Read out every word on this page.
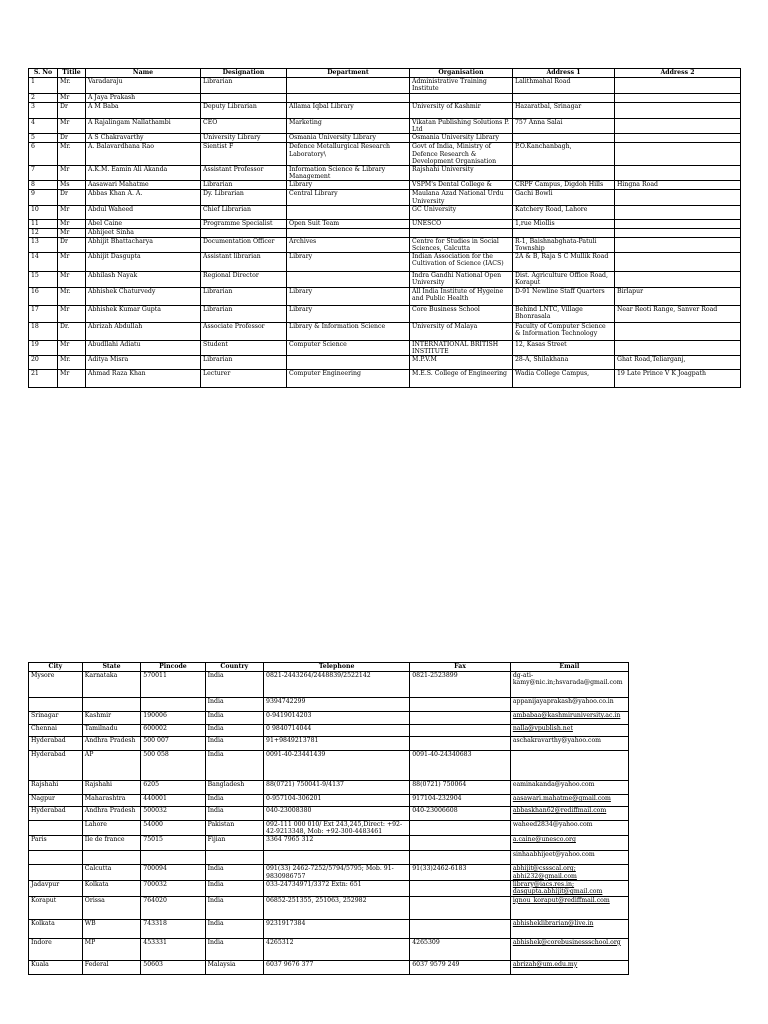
S. No	Titile	Name	Designation	Department	Organisation	Address 1	Address 2
1	Mr.	Varadaraju	Librarian		Administrative Training Institute	Lalithmahal Road	
2	Mr	A Jaya Prakash					
3	Dr	A M Baba	Deputy Librarian	Allama Iqbal Library	University of Kashmir	Hazaratbal, Srinagar	
4	Mr	A Rajalingam Nallathambi	CEO	Marketing	Vikatan Publishing Solutions P. Ltd	757 Anna Salai	
5	Dr	A S Chakravarthy	University Library	Osmania University Library	Osmania University Library		
6	Mr.	A. Balavardhana Rao	Sientist F	Defence Metallurgical Research Laboratory\	Govt of India, Ministry of Defence Research & Development Organisation	P.O.Kanchanbagh,	
7	Mr	A.K.M. Eamin Ali Akanda	Assistant Professor	Information Science & Library Management	Rajshahi University		
8	Ms	Aasawari Mahatme	Librarian	Library	VSPM's Dental College &	CRPF Campus, Digdoh Hills	Hingna Road
9	Dr	Abbas Khan A. A.	Dy. Librarian	Central Library	Maulana Azad National Urdu University	Gachi Bowli	
10	Mr	Abdul Waheed	Chief Librarian		GC University	Katchery Road, Lahore	
11	Mr	Abel Caine	Programme Specialist	Open Suit Team	UNESCO	1,rue Miollis	
12	Mr	Abhijeet Sinha					
13	Dr	Abhijit Bhattacharya	Documentation Officer	Archives	Centre for Studies in Social Sciences, Calcutta	R-1, Baishnabghata-Patuli Township	
14	Mr	Abhijit Dasgupta	Assistant librarian	Library	Indian Association for the Cultivation of Science (IACS)	2A & B, Raja S C Mullik Road	
15	Mr	Abhilash Nayak	Regional Director		Indra Gandhi National Open University	Dist. Agriculture Office Road, Koraput	
16	Mr.	Abhishek Chaturvedy	Librarian	Library	All India Institute of Hygeine and Public Health	D-91 Newline Staff Quarters	Birlapur
17	Mr	Abhishek Kumar Gupta	Librarian	Library	Core Business School	Behind LNTC, Village Bhonrasala	Near Reoti Range, Sanver Road
18	Dr.	Abrizah Abdullah	Associate Professor	Library & Information Science	University of Malaya	Faculty of Computer Science & Information Technology	
19	Mr	Abudllahi Adiatu	Student	Computer Science	INTERNATIONAL BRITISH INSTITUTE	12, Kasas Street	
20	Mr.	Aditya Misra	Librarian		M.P.V.M	28-A, Shilakhana	Ghat Road,Teliarganj,
21	Mr	Ahmad Raza Khan	Lecturer	Computer Engineering	M.E.S. College of Engineering	Wadia College Campus,	19 Late Prince V K Joagpath
City	State	Pincode	Country	Telephone	Fax	Email
Mysore	Karnataka	570011	India	0821-2443264/2448839/2522142	0821-2523899	dg-ati-kamy@nic.in;hsvarada@gmail.com
			India	9394742299		appanijayaprakash@yahoo.co.in
Srinagar	Kashmir	190006	India	0-9419014203		ambabaa@kashmiruniversity.ac.in
Chennai	Tamilnadu	600002	India	0 9840714044		nalla@vpublish.net
Hyderabad	Andhra Pradesh	500 007	India	91+9849213781		aschakravarthy@yahoo.com
Hyderabad	AP	500 058	India	0091-40-23441439	0091-40-24340683	
Rajshahi	Rajshahi	6205	Bangladesh	88(0721) 750041-9/4137	88(0721) 750064	eaminakanda@yahoo.com
Nagpur	Maharashtra	440001	India	0-957104-306201	917104-232904	aasawari.mahatme@gmail.com
Hyderabad	Andhra Pradesh	500032	India	040-23008380	040-23006608	abbaskhan62@rediffmail.com
	Lahore	54000	Pakistan	092-111 000 010/ Ext 243,245,Direct: +92-42-9213348, Mob: +92-300-4483461		waheed2834@yahoo.com
Paris	Ile de france	75015	Fijian	3364 7965 312		a.caine@unesco.org
						sinhaabhijeet@yahoo.com
	Calcutta	700094	India	091(33) 2462-7252/5794/5795; Mob. 91-9830986757	91(33)2462-6183	abhijit@cssscal.org; abhi232@gmail.com
Jadavpur	Kolkata	700032	India	033-24734971/3372 Extn: 651		library@iacs.res.in; dasgupta.abhijit@gmail.com
Koraput	Orissa	764020	India	06852-251355, 251063, 252982		ignou_koraput@rediffmail.com
Kolkata	WB	743318	India	9231917384		abhishekl​ibrarian@live.in
Indore	MP	453331	India	4265312	4265309	abhishek@corebusinessschool.org
Kuala	Federal	50603	Malaysia	6037 9676 377	6037 9579 249	abrizah@um.edu.my
